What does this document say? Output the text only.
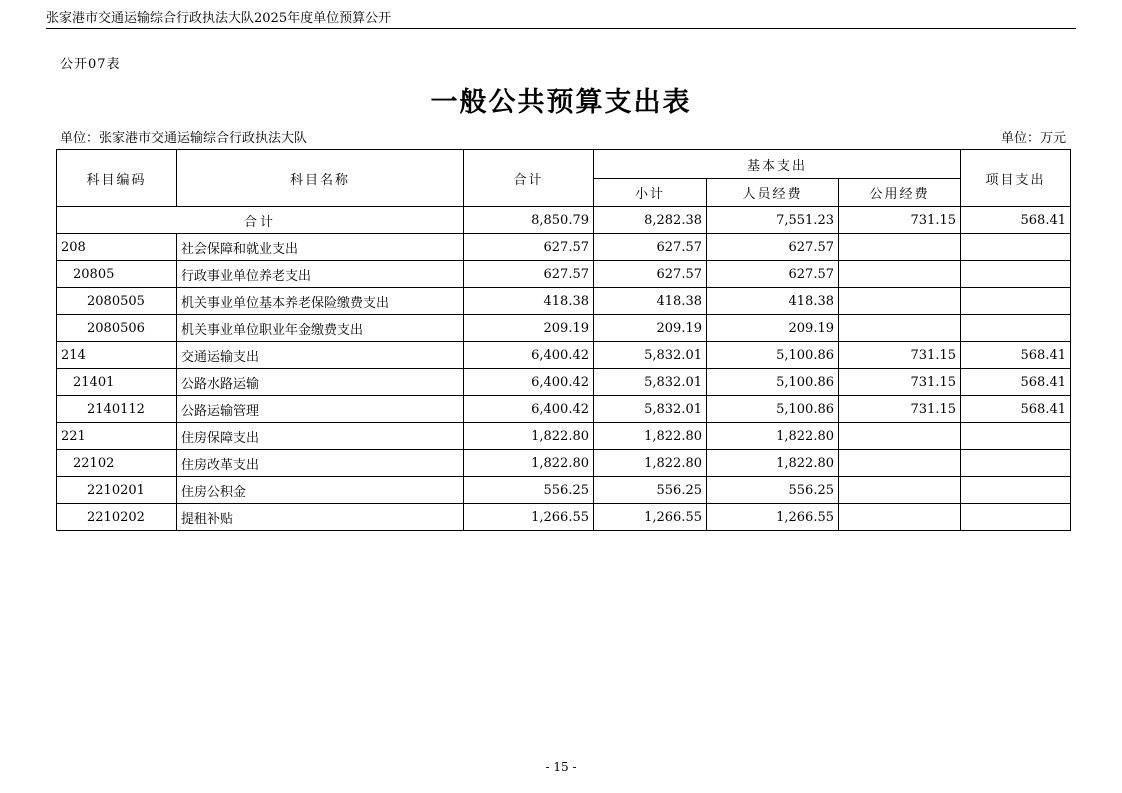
张家港市交通运输综合行政执法大队2025年度单位预算公开
公开07表
一般公共预算支出表
单位：张家港市交通运输综合行政执法大队	单位：万元
科目编码	科目名称	合计	基本支出			项目支出
			小计	人员经费	公用经费	
合计		8,850.79	8,282.38	7,551.23	731.15	568.41
208	社会保障和就业支出	627.57	627.57	627.57		
20805	行政事业单位养老支出	627.57	627.57	627.57		
2080505	机关事业单位基本养老保险缴费支出	418.38	418.38	418.38		
2080506	机关事业单位职业年金缴费支出	209.19	209.19	209.19		
214	交通运输支出	6,400.42	5,832.01	5,100.86	731.15	568.41
21401	公路水路运输	6,400.42	5,832.01	5,100.86	731.15	568.41
2140112	公路运输管理	6,400.42	5,832.01	5,100.86	731.15	568.41
221	住房保障支出	1,822.80	1,822.80	1,822.80		
22102	住房改革支出	1,822.80	1,822.80	1,822.80		
2210201	住房公积金	556.25	556.25	556.25		
2210202	提租补贴	1,266.55	1,266.55	1,266.55		
- 15 -
